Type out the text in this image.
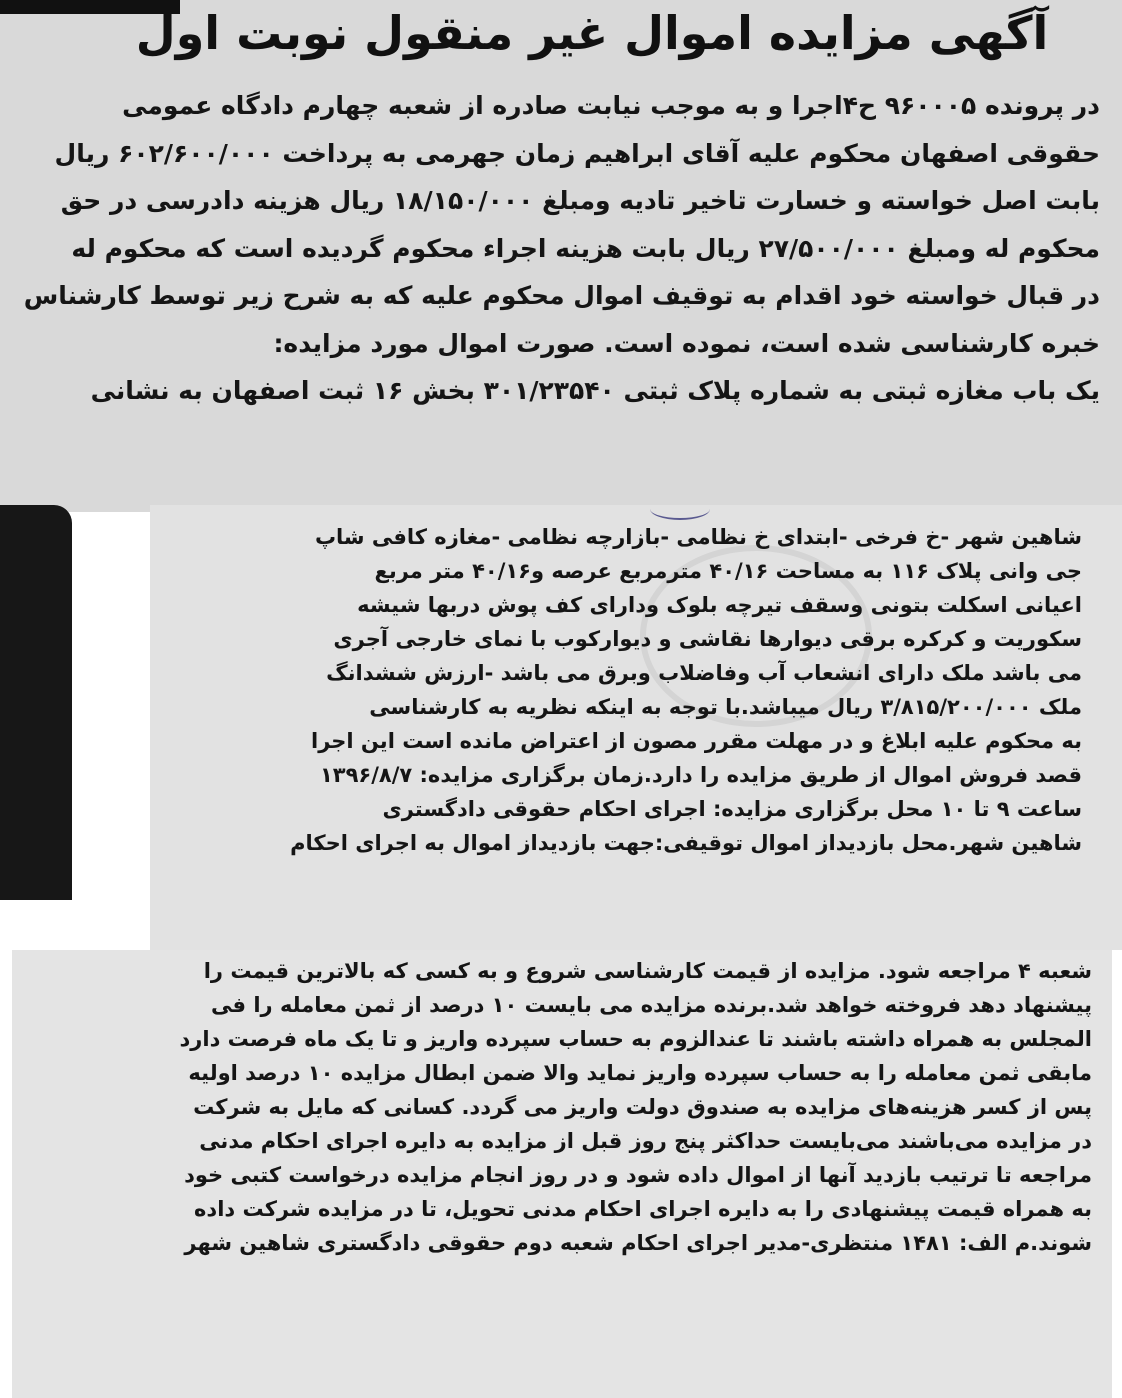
آگهی مزایده اموال غیر منقول نوبت اول
در پرونده ۹۶۰۰۰۵ ح۴اجرا و به موجب نیابت صادره از شعبه چهارم دادگاه عمومی
حقوقی اصفهان محکوم علیه آقای ابراهیم زمان جهرمی به پرداخت ۶۰۲/۶۰۰/۰۰۰ ریال
بابت اصل خواسته و خسارت تاخیر تادیه ومبلغ ۱۸/۱۵۰/۰۰۰ ریال هزینه دادرسی در حق
محکوم له ومبلغ ۲۷/۵۰۰/۰۰۰ ریال بابت هزینه اجراء محکوم گردیده است که محکوم له
در قبال خواسته خود اقدام به توقیف اموال محکوم علیه که به شرح زیر توسط کارشناس
خبره کارشناسی شده است، نموده است. صورت اموال مورد مزایده:
یک باب مغازه ثبتی به شماره پلاک ثبتی ۳۰۱/۲۳۵۴۰ بخش ۱۶ ثبت اصفهان به نشانی
شاهین شهر -خ فرخی -ابتدای خ نظامی -بازارچه نظامی -مغازه کافی شاپ
جی وانی پلاک ۱۱۶ به مساحت ۴۰/۱۶ مترمربع عرصه و۴۰/۱۶ متر مربع
اعیانی اسکلت بتونی وسقف تیرچه بلوک ودارای کف پوش دربها شیشه
سکوریت و کرکره برقی دیوارها نقاشی و دیوارکوب با نمای خارجی آجری
می باشد ملک دارای انشعاب آب وفاضلاب وبرق می باشد -ارزش ششدانگ
ملک ۳/۸۱۵/۲۰۰/۰۰۰ ریال میباشد.با توجه به اینکه نظریه به کارشناسی
به محکوم علیه ابلاغ و در مهلت مقرر مصون از اعتراض مانده است این اجرا
قصد فروش اموال از طریق مزایده را دارد.زمان برگزاری مزایده: ۱۳۹۶/۸/۷
ساعت ۹ تا ۱۰ محل برگزاری مزایده: اجرای احکام حقوقی دادگستری
شاهین شهر.محل بازدیداز اموال توقیفی:جهت بازدیداز اموال به اجرای احکام
شعبه ۴ مراجعه شود. مزایده از قیمت کارشناسی شروع و به کسی که بالاترین قیمت را
پیشنهاد دهد فروخته خواهد شد.برنده مزایده می بایست ۱۰ درصد از ثمن معامله را فی
المجلس به همراه داشته باشند تا عندالزوم به حساب سپرده واریز و تا یک ماه فرصت دارد
مابقی ثمن معامله را به حساب سپرده واریز نماید والا ضمن ابطال مزایده ۱۰ درصد اولیه
پس از کسر هزینه‌های مزایده به صندوق دولت واریز می گردد. کسانی که مایل به شرکت
در مزایده می‌باشند می‌بایست حداکثر پنج روز قبل از مزایده به دایره اجرای احکام مدنی
مراجعه تا ترتیب بازدید آنها از اموال داده شود و در روز انجام مزایده درخواست کتبی خود
به همراه قیمت پیشنهادی را به دایره اجرای احکام مدنی تحویل، تا در مزایده شرکت داده
شوند.م الف: ۱۴۸۱ منتظری-مدیر اجرای احکام شعبه دوم حقوقی دادگستری شاهین شهر
